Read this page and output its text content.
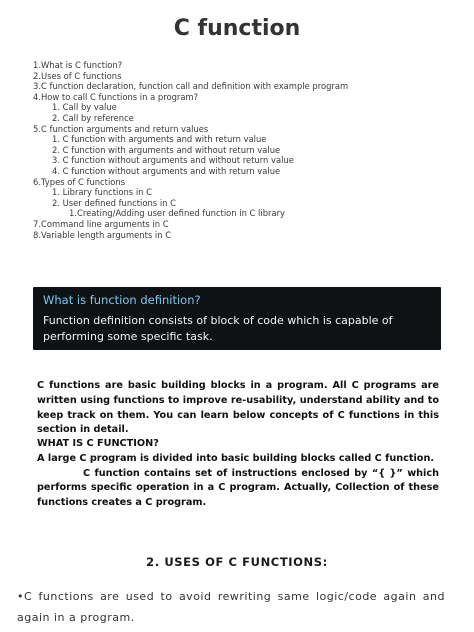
C function
1.What is C function?
2.Uses of C functions
3.C function declaration, function call and definition with example program
4.How to call C functions in a program?
1. Call by value
2. Call by reference
5.C function arguments and return values
1. C function with arguments and with return value
2. C function with arguments and without return value
3. C function without arguments and without return value
4. C function without arguments and with return value
6.Types of C functions
1. Library functions in C
2. User defined functions in C
1.Creating/Adding user defined function in C library
7.Command line arguments in C
8.Variable length arguments in C
What is function definition?
Function definition consists of block of code which is capable of performing some specific task.
C functions are basic building blocks in a program. All C programs are written using functions to improve re-usability, understand ability and to keep track on them. You can learn below concepts of C functions in this section in detail.
WHAT IS C FUNCTION?
A large C program is divided into basic building blocks called C function.
C function contains set of instructions enclosed by “{ }” which performs specific operation in a C program. Actually, Collection of these functions creates a C program.
2. USES OF C FUNCTIONS:
•C functions are used to avoid rewriting same logic/code again and again in a program.
